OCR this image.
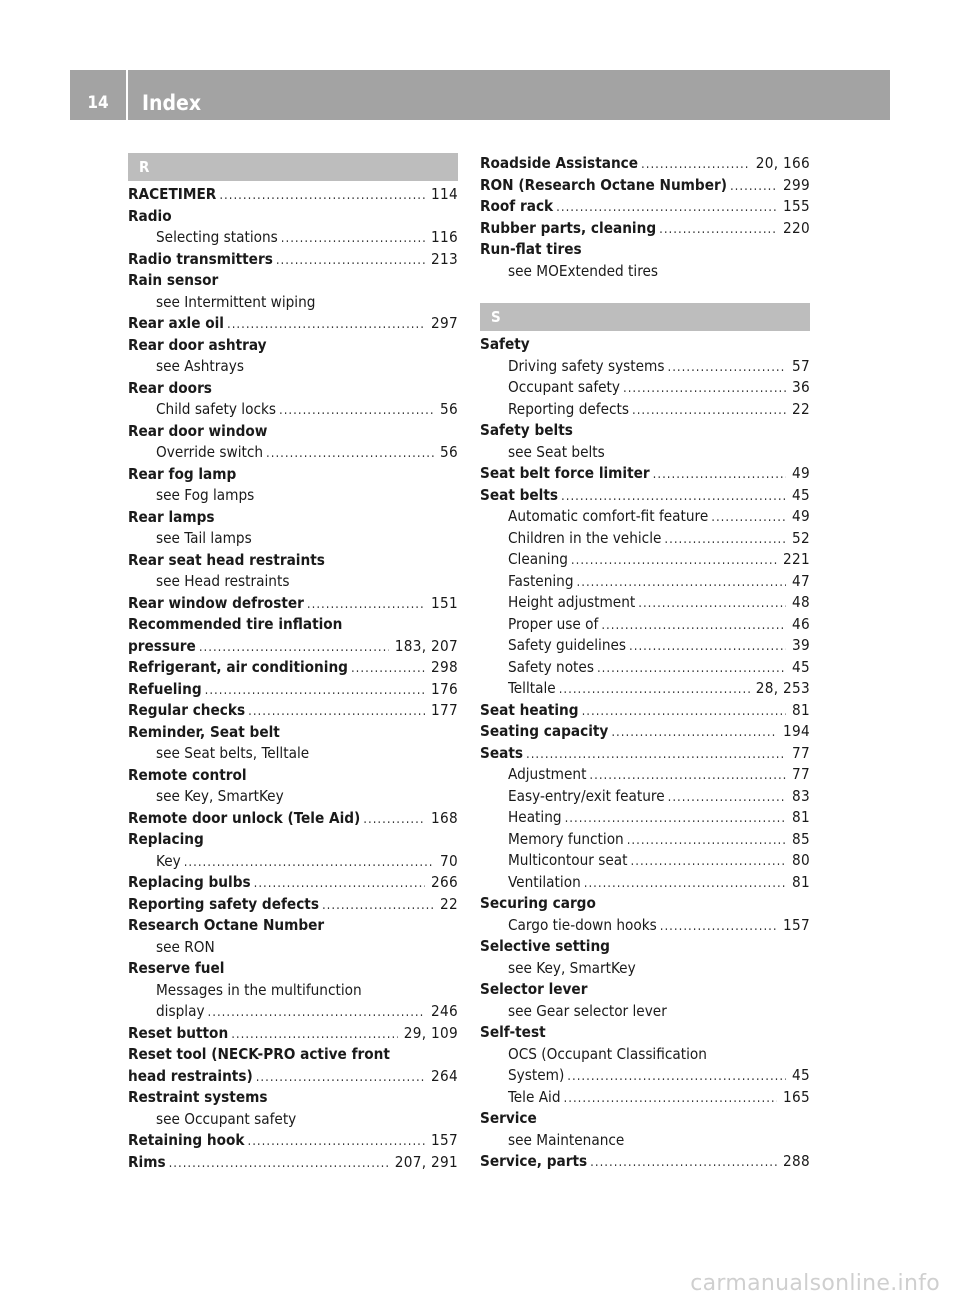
14	Index
R
RACETIMER .....	114
Radio
Selecting stations .....	116
Radio transmitters .....	213
Rain sensor
see Intermittent wiping
Rear axle oil .....	297
Rear door ashtray
see Ashtrays
Rear doors
Child safety locks .....	56
Rear door window
Override switch .....	56
Rear fog lamp
see Fog lamps
Rear lamps
see Tail lamps
Rear seat head restraints
see Head restraints
Rear window defroster .....	151
Recommended tire inflation
pressure .....	183, 207
Refrigerant, air conditioning .....	298
Refueling .....	176
Regular checks .....	177
Reminder, Seat belt
see Seat belts, Telltale
Remote control
see Key, SmartKey
Remote door unlock (Tele Aid) .....	168
Replacing
Key .....	70
Replacing bulbs .....	266
Reporting safety defects .....	22
Research Octane Number
see RON
Reserve fuel
Messages in the multifunction
display .....	246
Reset button .....	29, 109
Reset tool (NECK-PRO active front
head restraints) .....	264
Restraint systems
see Occupant safety
Retaining hook .....	157
Rims .....	207, 291
Roadside Assistance .....	20, 166
RON (Research Octane Number) .....	299
Roof rack .....	155
Rubber parts, cleaning .....	220
Run-flat tires
see MOExtended tires
S
Safety
Driving safety systems .....	57
Occupant safety .....	36
Reporting defects .....	22
Safety belts
see Seat belts
Seat belt force limiter .....	49
Seat belts .....	45
Automatic comfort-fit feature .....	49
Children in the vehicle .....	52
Cleaning .....	221
Fastening .....	47
Height adjustment .....	48
Proper use of .....	46
Safety guidelines .....	39
Safety notes .....	45
Telltale .....	28, 253
Seat heating .....	81
Seating capacity .....	194
Seats .....	77
Adjustment .....	77
Easy-entry/exit feature .....	83
Heating .....	81
Memory function .....	85
Multicontour seat .....	80
Ventilation .....	81
Securing cargo
Cargo tie-down hooks .....	157
Selective setting
see Key, SmartKey
Selector lever
see Gear selector lever
Self-test
OCS (Occupant Classification
System) .....	45
Tele Aid .....	165
Service
see Maintenance
Service, parts .....	288
carmanualsonline.info
